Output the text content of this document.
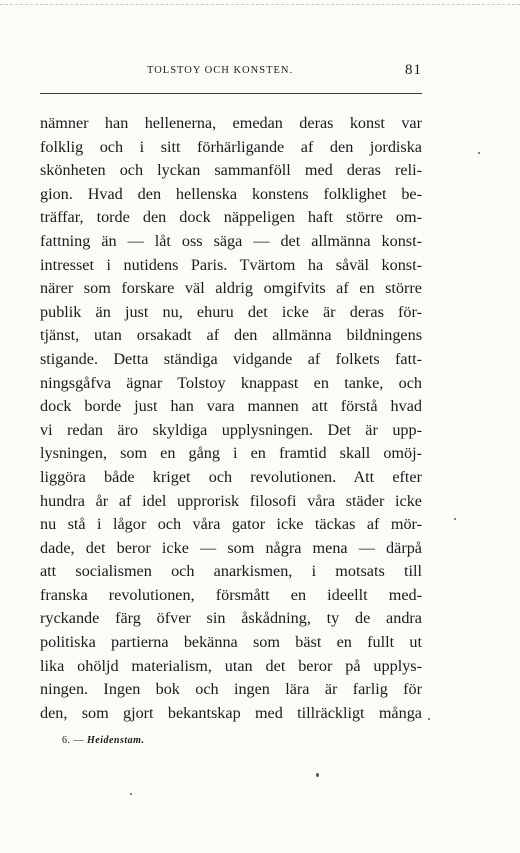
TOLSTOY OCH KONSTEN.	81
nämner han hellenerna, emedan deras konst var
folklig och i sitt förhärligande af den jordiska
skönheten och lyckan sammanföll med deras reli-
gion. Hvad den hellenska konstens folklighet be-
träffar, torde den dock näppeligen haft större om-
fattning än — låt oss säga — det allmänna konst-
intresset i nutidens Paris. Tvärtom ha såväl konst-
närer som forskare väl aldrig omgifvits af en större
publik än just nu, ehuru det icke är deras för-
tjänst, utan orsakadt af den allmänna bildningens
stigande. Detta ständiga vidgande af folkets fatt-
ningsgåfva ägnar Tolstoy knappast en tanke, och
dock borde just han vara mannen att förstå hvad
vi redan äro skyldiga upplysningen. Det är upp-
lysningen, som en gång i en framtid skall omöj-
liggöra både kriget och revolutionen. Att efter
hundra år af idel upprorisk filosofi våra städer icke
nu stå i lågor och våra gator icke täckas af mör-
dade, det beror icke — som några mena — därpå
att socialismen och anarkismen, i motsats till
franska revolutionen, försmått en ideellt med-
ryckande färg öfver sin åskådning, ty de andra
politiska partierna bekänna som bäst en fullt ut
lika ohöljd materialism, utan det beror på upplys-
ningen. Ingen bok och ingen lära är farlig för
den, som gjort bekantskap med tillräckligt många
6. — Heidenstam.
